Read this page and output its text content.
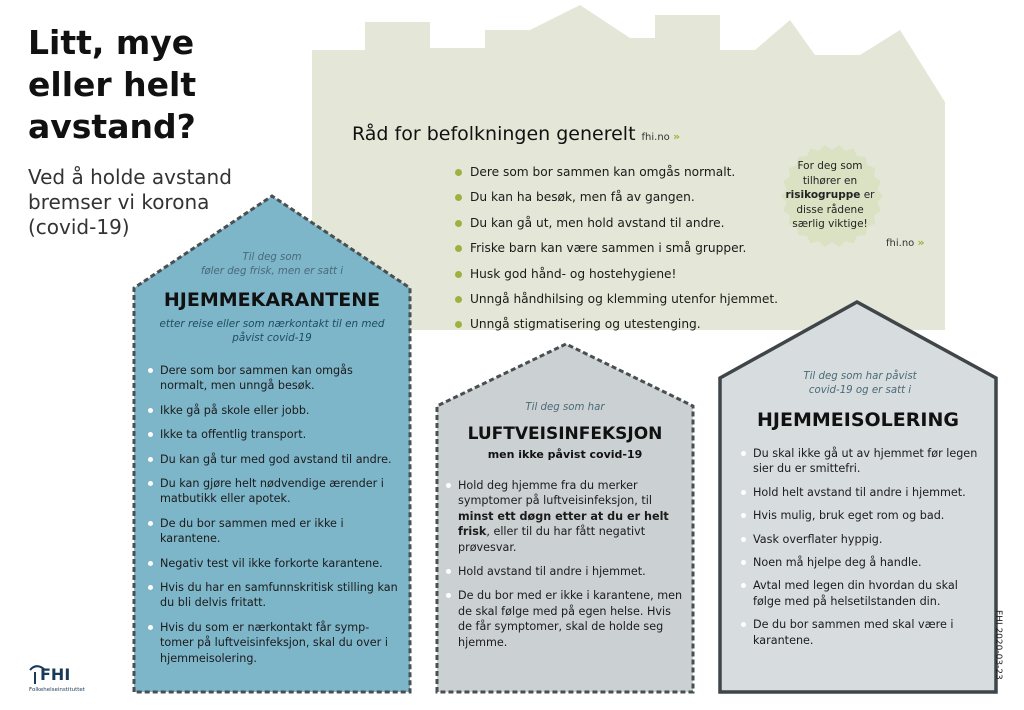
Litt, mye eller helt avstand?
Ved å holde avstand bremser vi korona (covid-19)
Råd for befolkningen generelt fhi.no »
Dere som bor sammen kan omgås normalt.
Du kan ha besøk, men få av gangen.
Du kan gå ut, men hold avstand til andre.
Friske barn kan være sammen i små grupper.
Husk god hånd- og hostehygiene!
Unngå håndhilsing og klemming utenfor hjemmet.
Unngå stigmatisering og utestenging.
For deg som tilhører en risikogruppe er disse rådene særlig viktige!
fhi.no »
Til deg som
føler deg frisk, men er satt i
HJEMMEKARANTENE
etter reise eller som nærkontakt til en med påvist covid-19
Dere som bor sammen kan omgås normalt, men unngå besøk.
Ikke gå på skole eller jobb.
Ikke ta offentlig transport.
Du kan gå tur med god avstand til andre.
Du kan gjøre helt nødvendige ærender i matbutikk eller apotek.
De du bor sammen med er ikke i karantene.
Negativ test vil ikke forkorte karantene.
Hvis du har en samfunnskritisk stilling kan du bli delvis fritatt.
Hvis du som er nærkontakt får symp- tomer på luftveisinfeksjon, skal du over i hjemmeisolering.
Til deg som har
LUFTVEISINFEKSJON
men ikke påvist covid-19
Hold deg hjemme fra du merker symptomer på luftveisinfeksjon, til minst ett døgn etter at du er helt frisk, eller til du har fått negativt prøvesvar.
Hold avstand til andre i hjemmet.
De du bor med er ikke i karantene, men de skal følge med på egen helse. Hvis de får symptomer, skal de holde seg hjemme.
Til deg som har påvist
covid-19 og er satt i
HJEMMEISOLERING
Du skal ikke gå ut av hjemmet før legen sier du er smittefri.
Hold helt avstand til andre i hjemmet.
Hvis mulig, bruk eget rom og bad.
Vask overflater hyppig.
Noen må hjelpe deg å handle.
Avtal med legen din hvordan du skal følge med på helsetilstanden din.
De du bor sammen med skal være i karantene.	FHI 2020-03-23
FHI
Folkehelseinstituttet
